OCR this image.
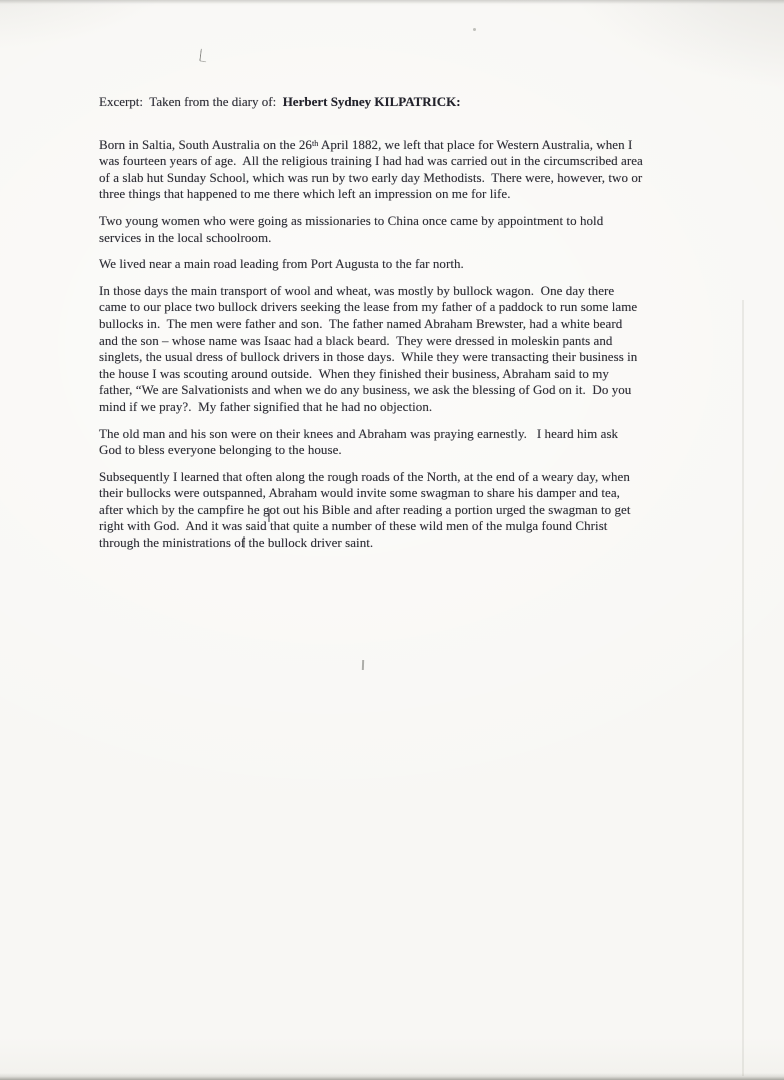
Excerpt:  Taken from the diary of:  Herbert Sydney KILPATRICK:
Born in Saltia, South Australia on the 26th April 1882, we left that place for Western Australia, when I
was fourteen years of age.  All the religious training I had had was carried out in the circumscribed area
of a slab hut Sunday School, which was run by two early day Methodists.  There were, however, two or
three things that happened to me there which left an impression on me for life.
Two young women who were going as missionaries to China once came by appointment to hold
services in the local schoolroom.
We lived near a main road leading from Port Augusta to the far north.
In those days the main transport of wool and wheat, was mostly by bullock wagon.  One day there
came to our place two bullock drivers seeking the lease from my father of a paddock to run some lame
bullocks in.  The men were father and son.  The father named Abraham Brewster, had a white beard
and the son – whose name was Isaac had a black beard.  They were dressed in moleskin pants and
singlets, the usual dress of bullock drivers in those days.  While they were transacting their business in
the house I was scouting around outside.  When they finished their business, Abraham said to my
father, “We are Salvationists and when we do any business, we ask the blessing of God on it.  Do you
mind if we pray?.  My father signified that he had no objection.
The old man and his son were on their knees and Abraham was praying earnestly.   I heard him ask
God to bless everyone belonging to the house.
Subsequently I learned that often along the rough roads of the North, at the end of a weary day, when
their bullocks were outspanned, Abraham would invite some swagman to share his damper and tea,
after which by the campfire he got out his Bible and after reading a portion urged the swagman to get
right with God.  And it was said that quite a number of these wild men of the mulga found Christ
through the ministrations of the bullock driver saint.
